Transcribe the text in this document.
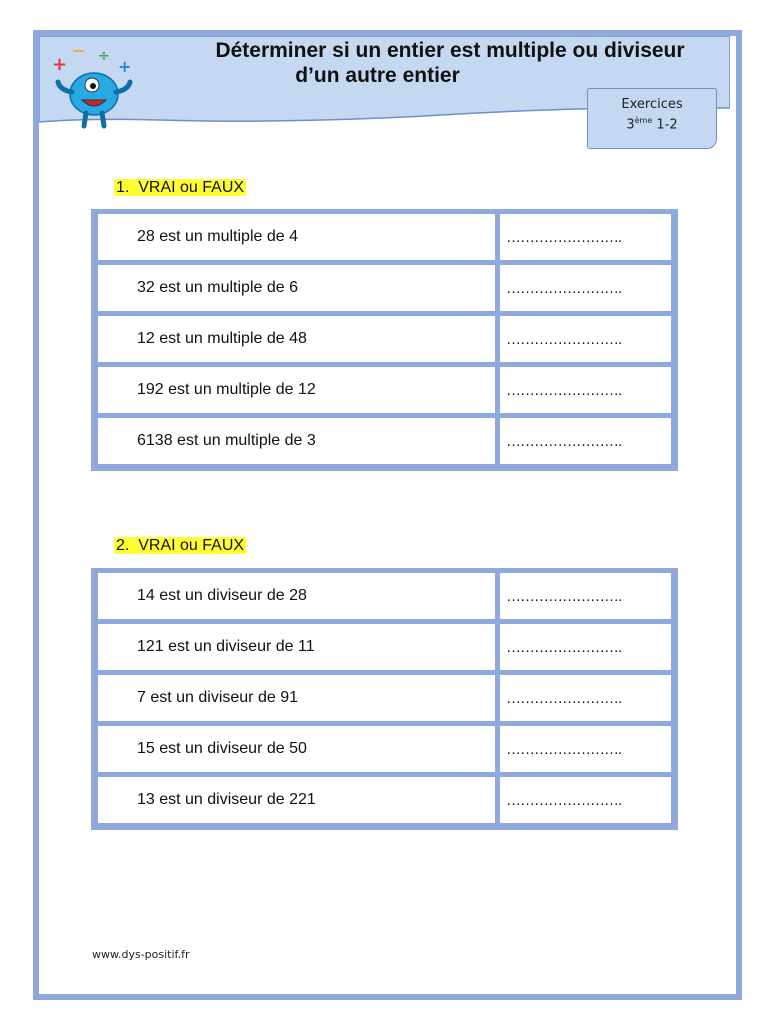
+
− ÷
+
Déterminer si un entier est multiple ou diviseur

d’un autre entier
Exercices
3ème 1-2
1. VRAI ou FAUX
28 est un multiple de 4	…………………….
32 est un multiple de 6	…………………….
12 est un multiple de 48	…………………….
192 est un multiple de 12	…………………….
6138 est un multiple de 3	…………………….
2. VRAI ou FAUX
14 est un diviseur de 28	…………………….
121 est un diviseur de 11	…………………….
7 est un diviseur de 91	…………………….
15 est un diviseur de 50	…………………….
13 est un diviseur de 221	…………………….
www.dys-positif.fr
